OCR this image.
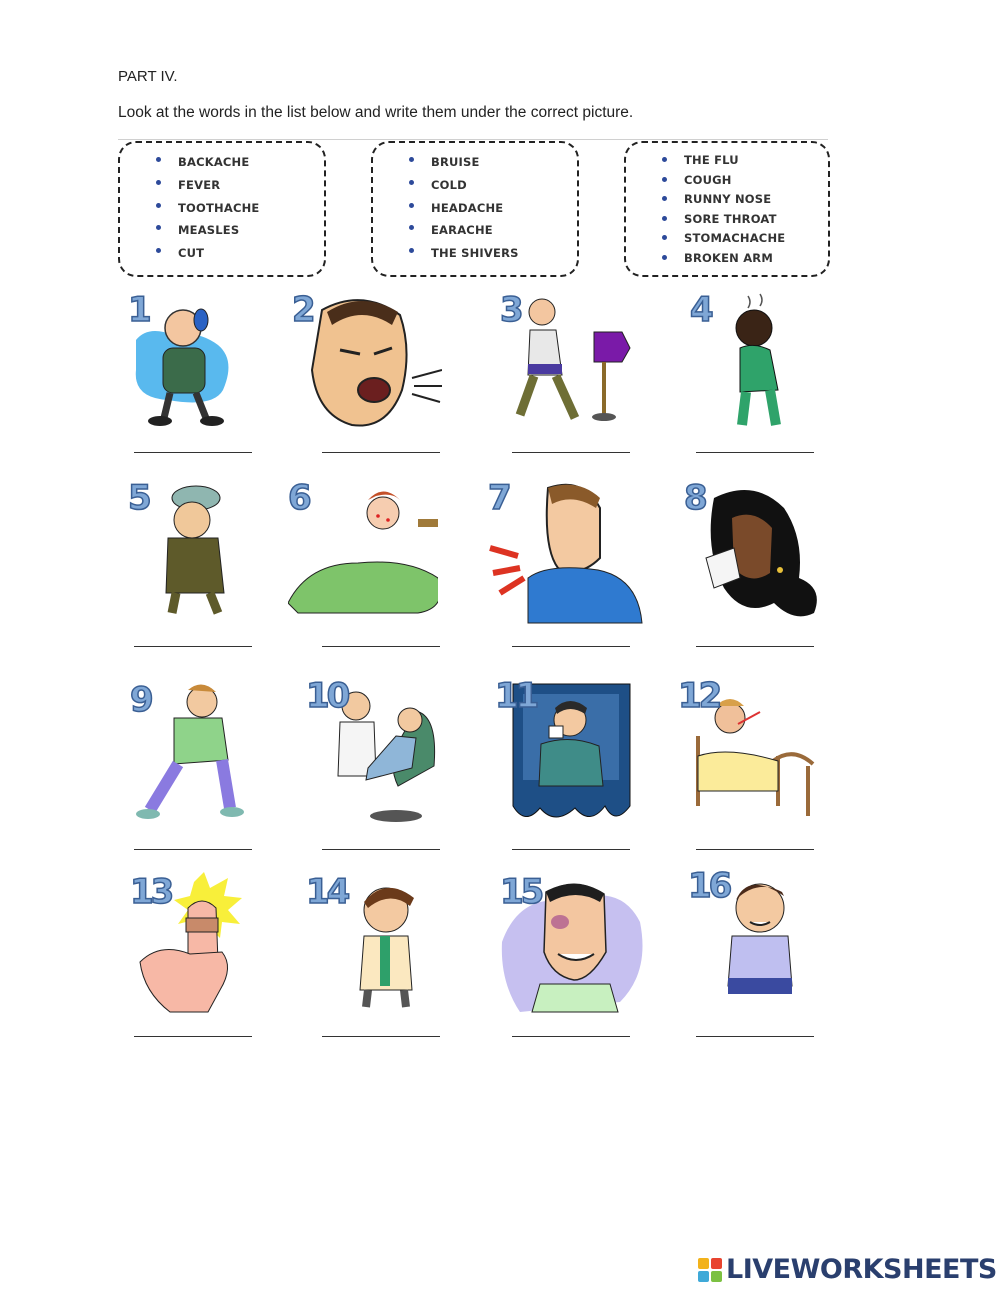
PART IV.
Look at the words in the list below and write them under the correct picture.
BACKACHE
FEVER
TOOTHACHE
MEASLES
CUT
BRUISE
COLD
HEADACHE
EARACHE
THE SHIVERS
THE FLU
COUGH
RUNNY NOSE
SORE THROAT
STOMACHACHE
BROKEN ARM
1	2	3	4
5	6	7	8
9	10	11	12
13	14	15	16
LIVEWORKSHEETS
